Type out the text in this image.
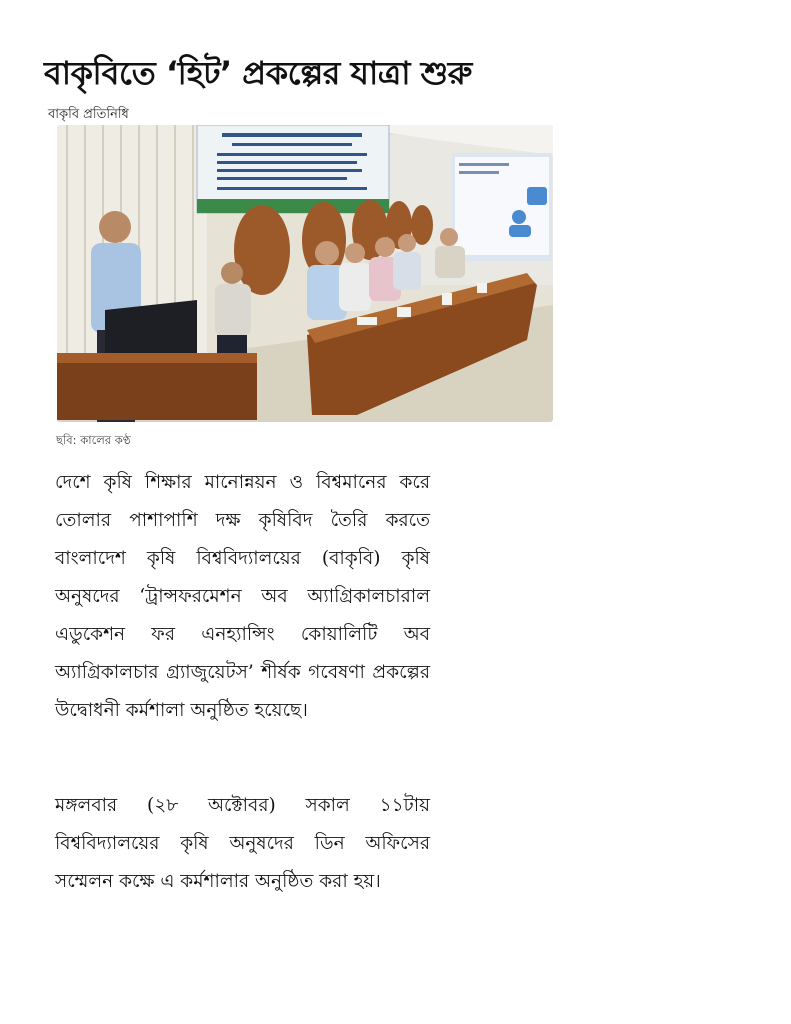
বাকৃবিতে ‘হিট’ প্রকল্পের যাত্রা শুরু
বাকৃবি প্রতিনিধি
ছবি: কালের কণ্ঠ

দেশে কৃষি শিক্ষার মানোন্নয়ন ও বিশ্বমানের করে তোলার পাশাপাশি দক্ষ কৃষিবিদ তৈরি করতে বাংলাদেশ কৃষি বিশ্ববিদ্যালয়ের (বাকৃবি) কৃষি অনুষদের ‘ট্রান্সফরমেশন অব অ্যাগ্রিকালচারাল এডুকেশন ফর এনহ্যান্সিং কোয়ালিটি অব অ্যাগ্রিকালচার গ্র্যাজুয়েটস’ শীর্ষক গবেষণা প্রকল্পের উদ্বোধনী কর্মশালা অনুষ্ঠিত হয়েছে।

মঙ্গলবার (২৮ অক্টোবর) সকাল ১১টায় বিশ্ববিদ্যালয়ের কৃষি অনুষদের ডিন অফিসের সম্মেলন কক্ষে এ কর্মশালার অনুষ্ঠিত করা হয়।
